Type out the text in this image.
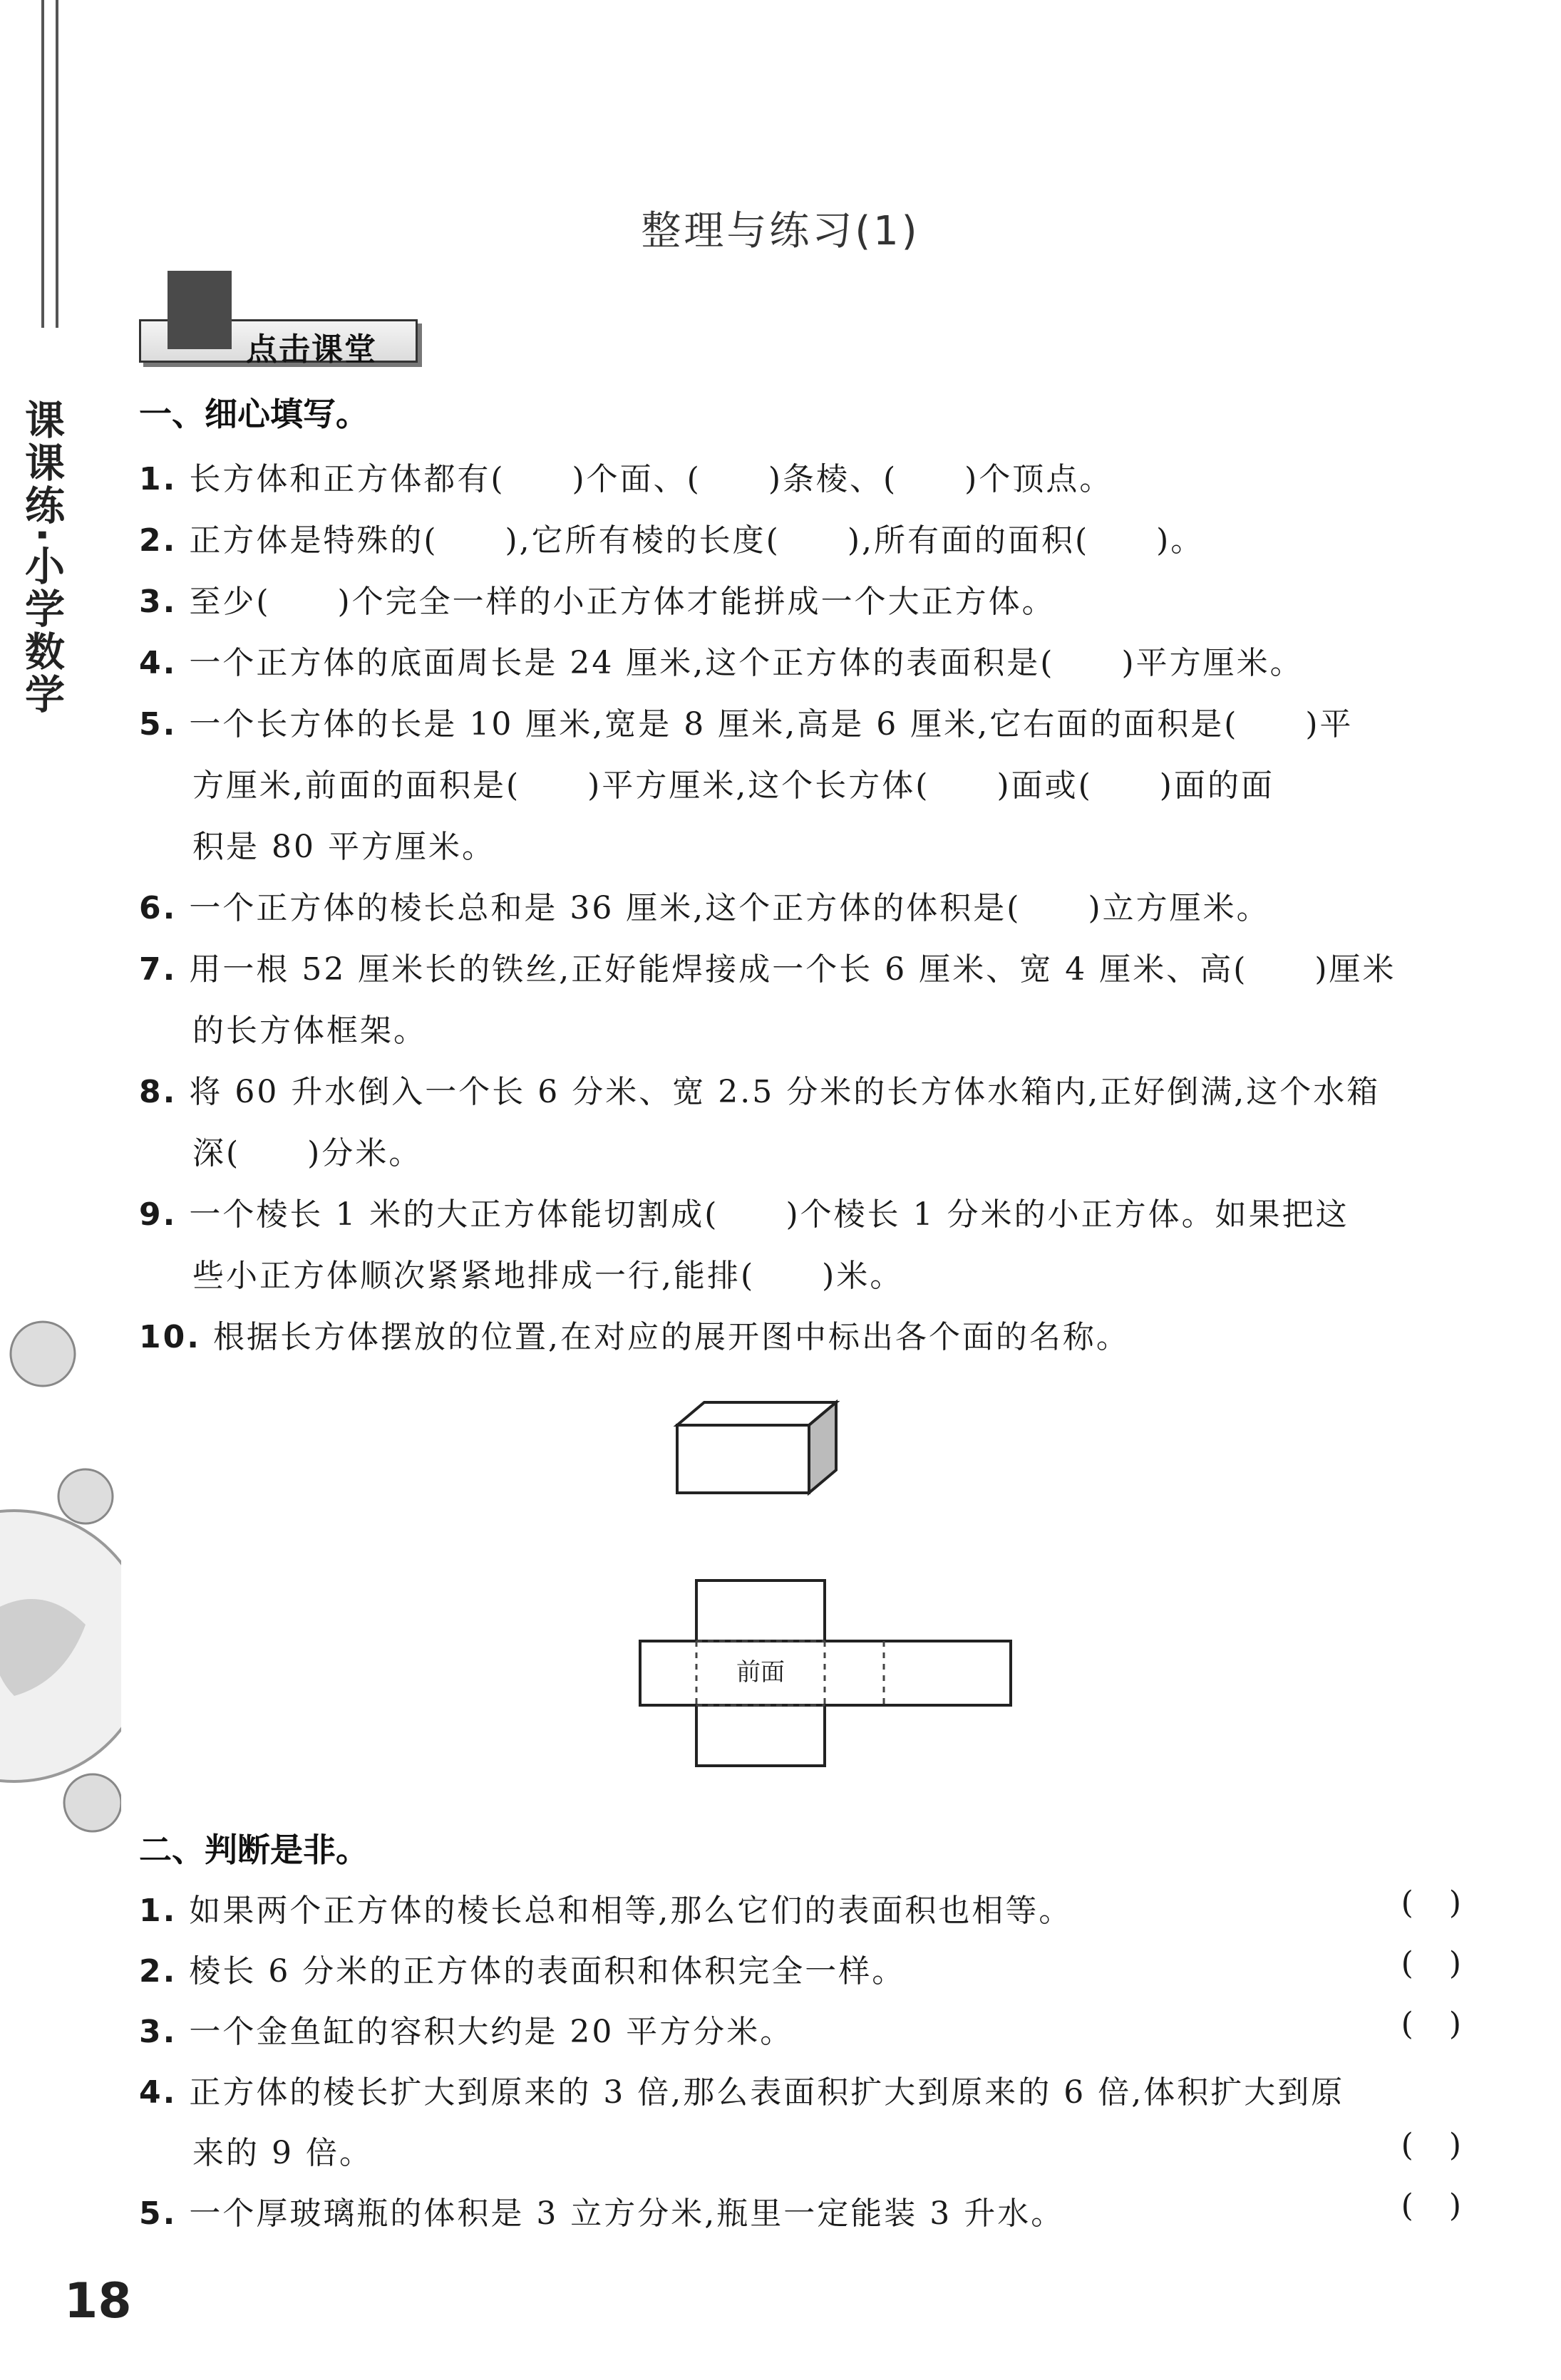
课课练·小学数学
整理与练习(1)
点击课堂
一、细心填写。
1. 长方体和正方体都有(　　)个面、(　　)条棱、(　　)个顶点。
2. 正方体是特殊的(　　),它所有棱的长度(　　),所有面的面积(　　)。
3. 至少(　　)个完全一样的小正方体才能拼成一个大正方体。
4. 一个正方体的底面周长是 24 厘米,这个正方体的表面积是(　　)平方厘米。
5. 一个长方体的长是 10 厘米,宽是 8 厘米,高是 6 厘米,它右面的面积是(　　)平
方厘米,前面的面积是(　　)平方厘米,这个长方体(　　)面或(　　)面的面
积是 80 平方厘米。
6. 一个正方体的棱长总和是 36 厘米,这个正方体的体积是(　　)立方厘米。
7. 用一根 52 厘米长的铁丝,正好能焊接成一个长 6 厘米、宽 4 厘米、高(　　)厘米
的长方体框架。
8. 将 60 升水倒入一个长 6 分米、宽 2.5 分米的长方体水箱内,正好倒满,这个水箱
深(　　)分米。
9. 一个棱长 1 米的大正方体能切割成(　　)个棱长 1 分米的小正方体。如果把这
些小正方体顺次紧紧地排成一行,能排(　　)米。
10. 根据长方体摆放的位置,在对应的展开图中标出各个面的名称。
前面
二、判断是非。
1. 如果两个正方体的棱长总和相等,那么它们的表面积也相等。	()
2. 棱长 6 分米的正方体的表面积和体积完全一样。	()
3. 一个金鱼缸的容积大约是 20 平方分米。	()
4. 正方体的棱长扩大到原来的 3 倍,那么表面积扩大到原来的 6 倍,体积扩大到原
来的 9 倍。	()
5. 一个厚玻璃瓶的体积是 3 立方分米,瓶里一定能装 3 升水。	()
18
